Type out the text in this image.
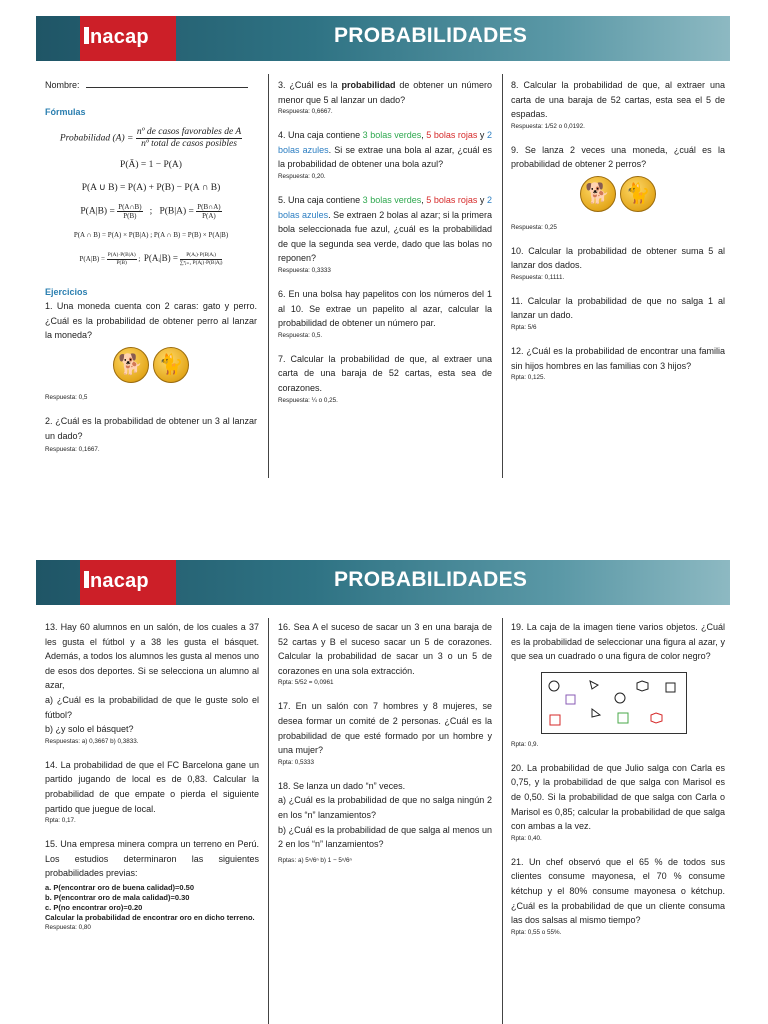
nacap	PROBABILIDADES
nacap	PROBABILIDADES

Nombre:

Fórmulas
Probabilidad $(A) = \frac{\text{nº de casos favorables de A}}{\text{nº total de casos posibles}}$
P(Ā) = 1 − P(A)
P(A ∪ B) = P(A) + P(B) − P(A ∩ B)
$P(A|B) = \frac{P(A\cap B)}{P(B)}$ ;   $P(B|A) = \frac{P(B\cap A)}{P(A)}$
P(A ∩ B) = P(A) × P(B|A) ; P(A ∩ B) = P(B) × P(A|B)
$P(A|B) = \frac{P(A)\cdot P(B|A)}{P(B)}$ ;  P(Aᵢ|B) = $\frac{\text{P(Aᵢ)·P(B|Aᵢ)}}{\text{∑ⁿⱼ₌₁ P(Aⱼ)·P(B|Aⱼ)}}$
Ejercicios

1. Una moneda cuenta con 2 caras: gato y perro. ¿Cuál es la probabilidad de obtener perro al lanzar la moneda?

🐕
🐈
Respuesta: 0,5

2. ¿Cuál es la probabilidad de obtener un 3 al lanzar un dado?

Respuesta: 0,1667.

3. ¿Cuál es la probabilidad de obtener un número menor que 5 al lanzar un dado?

Respuesta: 0,6667.

4. Una caja contiene 3 bolas verdes, 5 bolas rojas y 2 bolas azules. Si se extrae una bola al azar, ¿cuál es la probabilidad de obtener una bola azul?

Respuesta: 0,20.

5. Una caja contiene 3 bolas verdes, 5 bolas rojas y 2 bolas azules. Se extraen 2 bolas al azar; si la primera bola seleccionada fue azul, ¿cuál es la probabilidad de que la segunda sea verde, dado que las bolas no reponen?

Respuesta: 0,3333

6. En una bolsa hay papelitos con los números del 1 al 10. Se extrae un papelito al azar, calcular la probabilidad de obtener un número par.

Respuesta: 0,5.

7. Calcular la probabilidad de que, al extraer una carta de una baraja de 52 cartas, esta sea de corazones.

Respuesta: ¼ o 0,25.

8. Calcular la probabilidad de que, al extraer una carta de una baraja de 52 cartas, esta sea el 5 de espadas.

Respuesta: 1/52 o 0,0192.

9. Se lanza 2 veces una moneda, ¿cuál es la probabilidad de obtener 2 perros?

🐕
🐈
Respuesta: 0,25

10. Calcular la probabilidad de obtener suma 5 al lanzar dos dados.

Respuesta: 0,1111.

11. Calcular la probabilidad de que no salga 1 al lanzar un dado.

Rpta: 5/6

12. ¿Cuál es la probabilidad de encontrar una familia sin hijos hombres en las familias con 3 hijos?

Rpta: 0,125.

13. Hay 60 alumnos en un salón, de los cuales a 37 les gusta el fútbol y a 38 les gusta el básquet. Además, a todos los alumnos les gusta al menos uno de esos dos deportes. Si se selecciona un alumno al azar,

a) ¿Cuál es la probabilidad de que le guste solo el fútbol?

b) ¿y solo el básquet?

Respuestas: a) 0,3667 b) 0,3833.

14. La probabilidad de que el FC Barcelona gane un partido jugando de local es de 0,83. Calcular la probabilidad de que empate o pierda el siguiente partido que juegue de local.

Rpta: 0,17.

15. Una empresa minera compra un terreno en Perú. Los estudios determinaron las siguientes probabilidades previas:

a. P(encontrar oro de buena calidad)=0.50
b. P(encontrar oro de mala calidad)=0.30
c. P(no encontrar oro)=0.20

Calcular la probabilidad de encontrar oro en dicho terreno.

Respuesta: 0,80

16. Sea A el suceso de sacar un 3 en una baraja de 52 cartas y B el suceso sacar un 5 de corazones. Calcular la probabilidad de sacar un 3 o un 5 de corazones en una sola extracción.

Rpta: 5/52 = 0,0961

17. En un salón con 7 hombres y 8 mujeres, se desea formar un comité de 2 personas. ¿Cuál es la probabilidad de que esté formado por un hombre y una mujer?

Rpta: 0,5333

18. Se lanza un dado “n” veces.

a) ¿Cuál es la probabilidad de que no salga ningún 2 en los “n” lanzamientos?

b) ¿Cuál es la probabilidad de que salga al menos un 2 en los “n” lanzamientos?

Rptas: a) 5ⁿ/6ⁿ b) 1 − 5ⁿ/6ⁿ

19. La caja de la imagen tiene varios objetos. ¿Cuál es la probabilidad de seleccionar una figura al azar, y que sea un cuadrado o una figura de color negro?

Rpta: 0,9.

20. La probabilidad de que Julio salga con Carla es 0,75, y la probabilidad de que salga con Marisol es de 0,50. Si la probabilidad de que salga con Carla o Marisol es 0,85; calcular la probabilidad de que salga con ambas a la vez.

Rpta: 0,40.

21. Un chef observó que el 65 % de todos sus clientes consume mayonesa, el 70 % consume kétchup y el 80% consume mayonesa o kétchup. ¿Cuál es la probabilidad de que un cliente consuma las dos salsas al mismo tiempo?

Rpta: 0,55 o 55%.
